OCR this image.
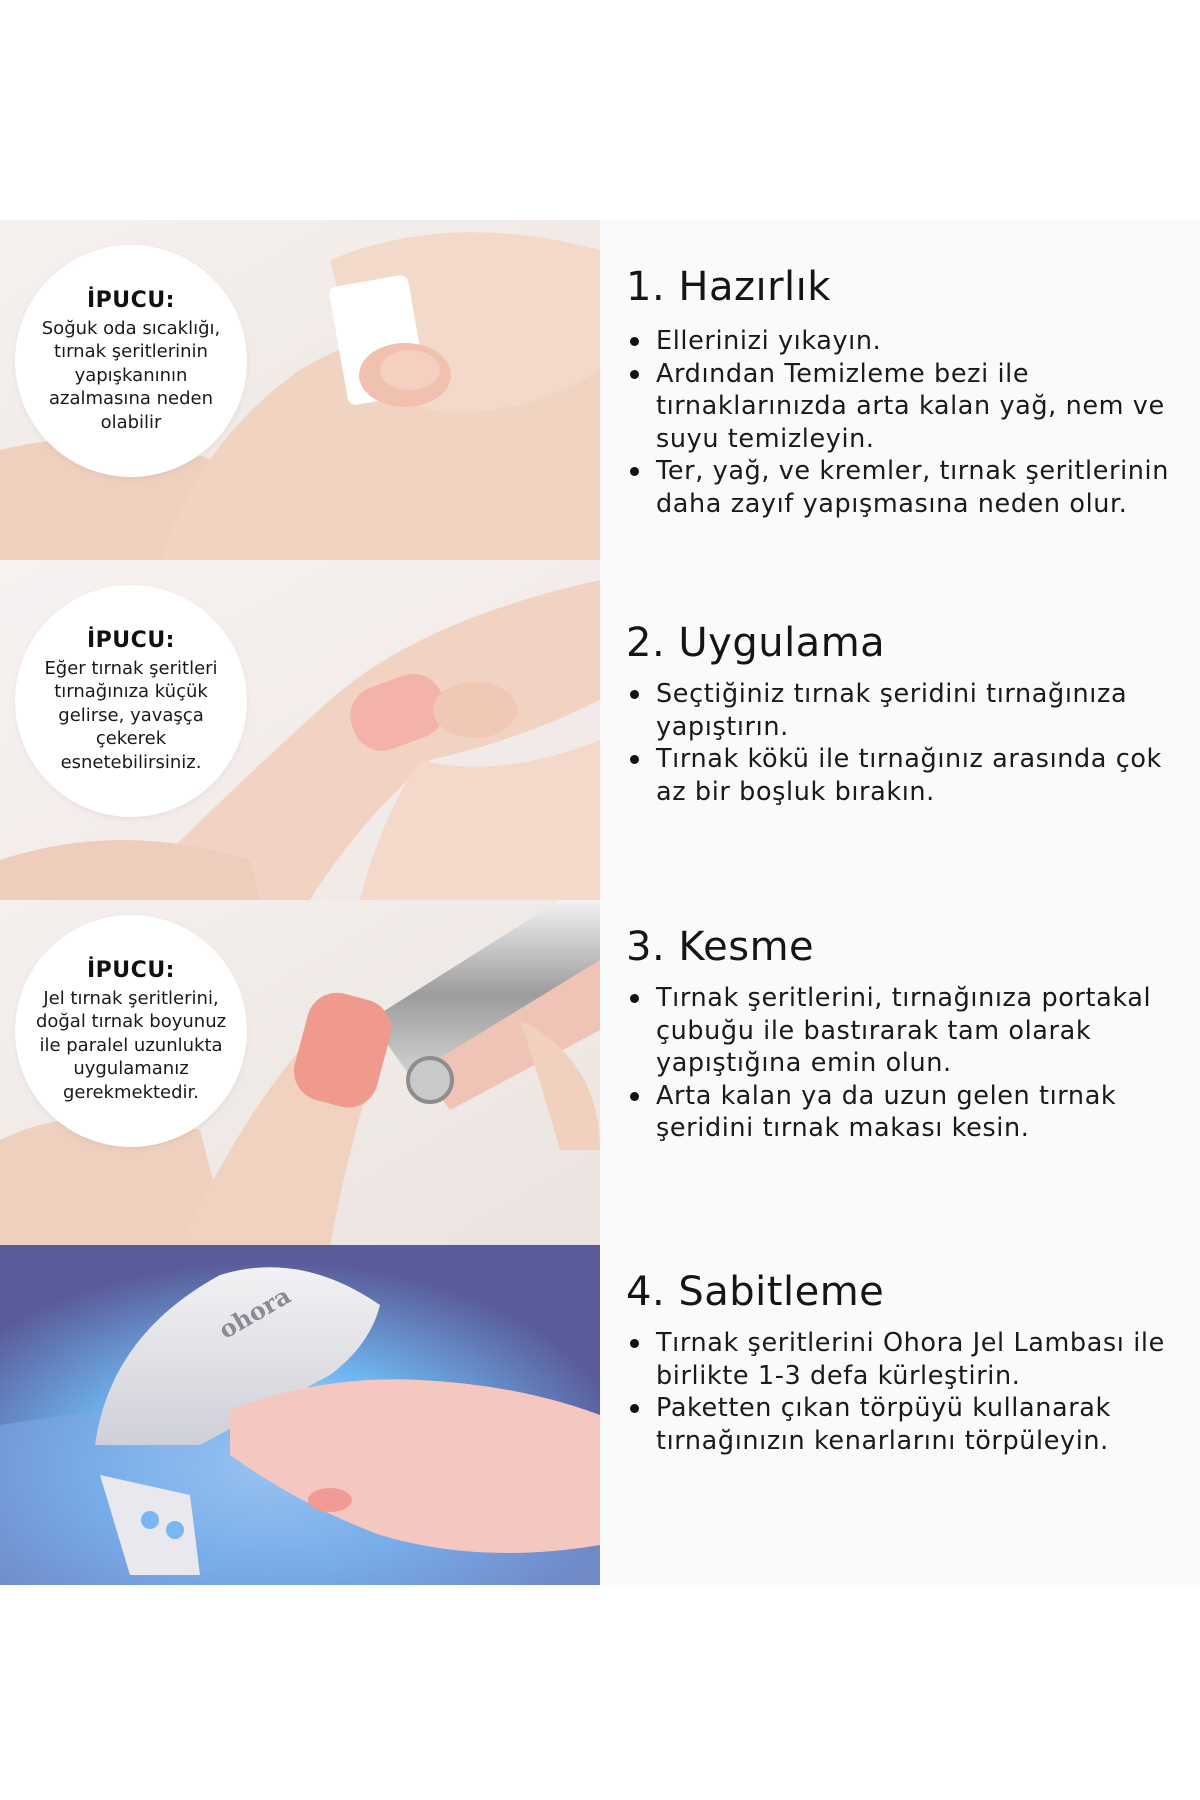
İPUCU:
Soğuk oda sıcaklığı, tırnak şeritlerinin yapışkanının azalmasına neden olabilir
1. Hazırlık
Ellerinizi yıkayın.
Ardından Temizleme bezi ile tırnaklarınızda arta kalan yağ, nem ve suyu temizleyin.
Ter, yağ, ve kremler, tırnak şeritlerinin daha zayıf yapışmasına neden olur.
İPUCU:
Eğer tırnak şeritleri tırnağınıza küçük gelirse, yavaşça çekerek esnetebilirsiniz.
2. Uygulama
Seçtiğiniz tırnak şeridini tırnağınıza yapıştırın.
Tırnak kökü ile tırnağınız arasında çok az bir boşluk bırakın.
İPUCU:
Jel tırnak şeritlerini, doğal tırnak boyunuz ile paralel uzunlukta uygulamanız gerekmektedir.
3. Kesme
Tırnak şeritlerini, tırnağınıza portakal çubuğu ile bastırarak tam olarak yapıştığına emin olun.
Arta kalan ya da uzun gelen tırnak şeridini tırnak makası kesin.
ohora	4. Sabitleme
Tırnak şeritlerini Ohora Jel Lambası ile birlikte 1-3 defa kürleştirin.
Paketten çıkan törpüyü kullanarak tırnağınızın kenarlarını törpüleyin.
